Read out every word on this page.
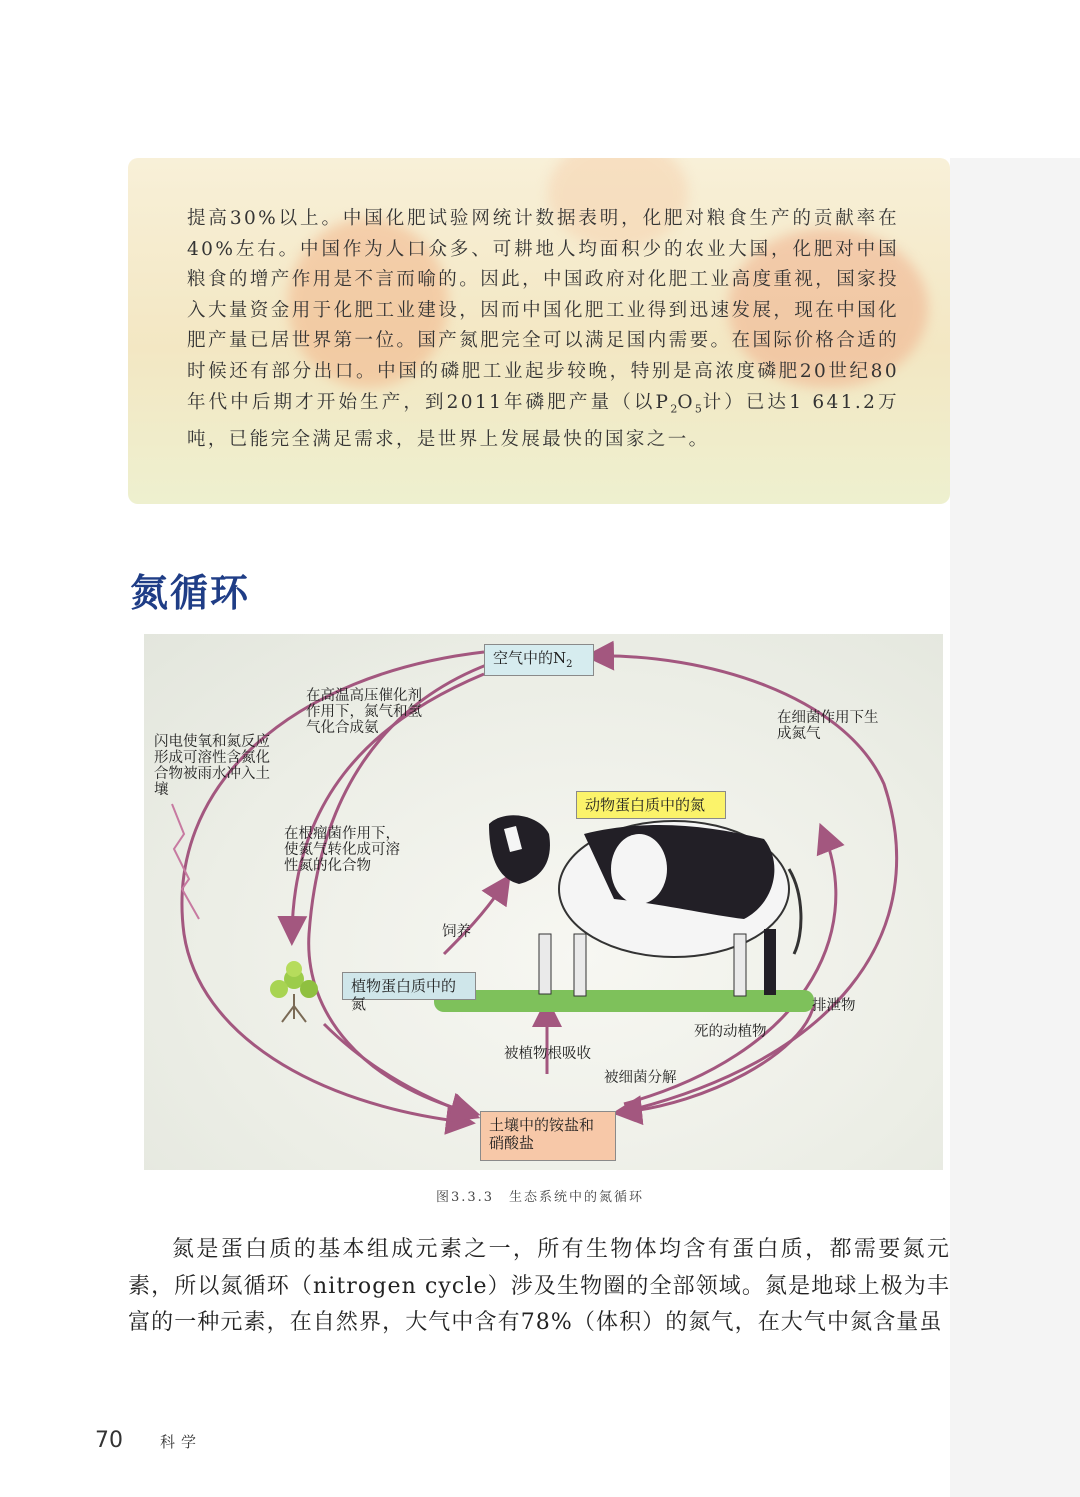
提高30%以上。中国化肥试验网统计数据表明，化肥对粮食生产的贡献率在40%左右。中国作为人口众多、可耕地人均面积少的农业大国，化肥对中国粮食的增产作用是不言而喻的。因此，中国政府对化肥工业高度重视，国家投入大量资金用于化肥工业建设，因而中国化肥工业得到迅速发展，现在中国化肥产量已居世界第一位。国产氮肥完全可以满足国内需要。在国际价格合适的时候还有部分出口。中国的磷肥工业起步较晚，特别是高浓度磷肥20世纪80年代中后期才开始生产，到2011年磷肥产量（以$P_2O_5$计）已达1 641.2万吨，已能完全满足需求，是世界上发展最快的国家之一。
氮循环
空气中的$N_2$
动物蛋白质中的氮
植物蛋白质中的氮
土壤中的铵盐和硝酸盐
在高温高压催化剂作用下，氮气和氢气化合成氨
闪电使氧和氮反应形成可溶性含氮化合物被雨水冲入土壤
在细菌作用下生成氮气
在根瘤菌作用下，使氮气转化成可溶性氮的化合物
饲养
排泄物
死的动植物
被植物根吸收
被细菌分解
图3.3.3　生态系统中的氮循环
氮是蛋白质的基本组成元素之一，所有生物体均含有蛋白质，都需要氮元素，所以氮循环（nitrogen cycle）涉及生物圈的全部领域。氮是地球上极为丰富的一种元素，在自然界，大气中含有78%（体积）的氮气，在大气中氮含量虽
70 科学
